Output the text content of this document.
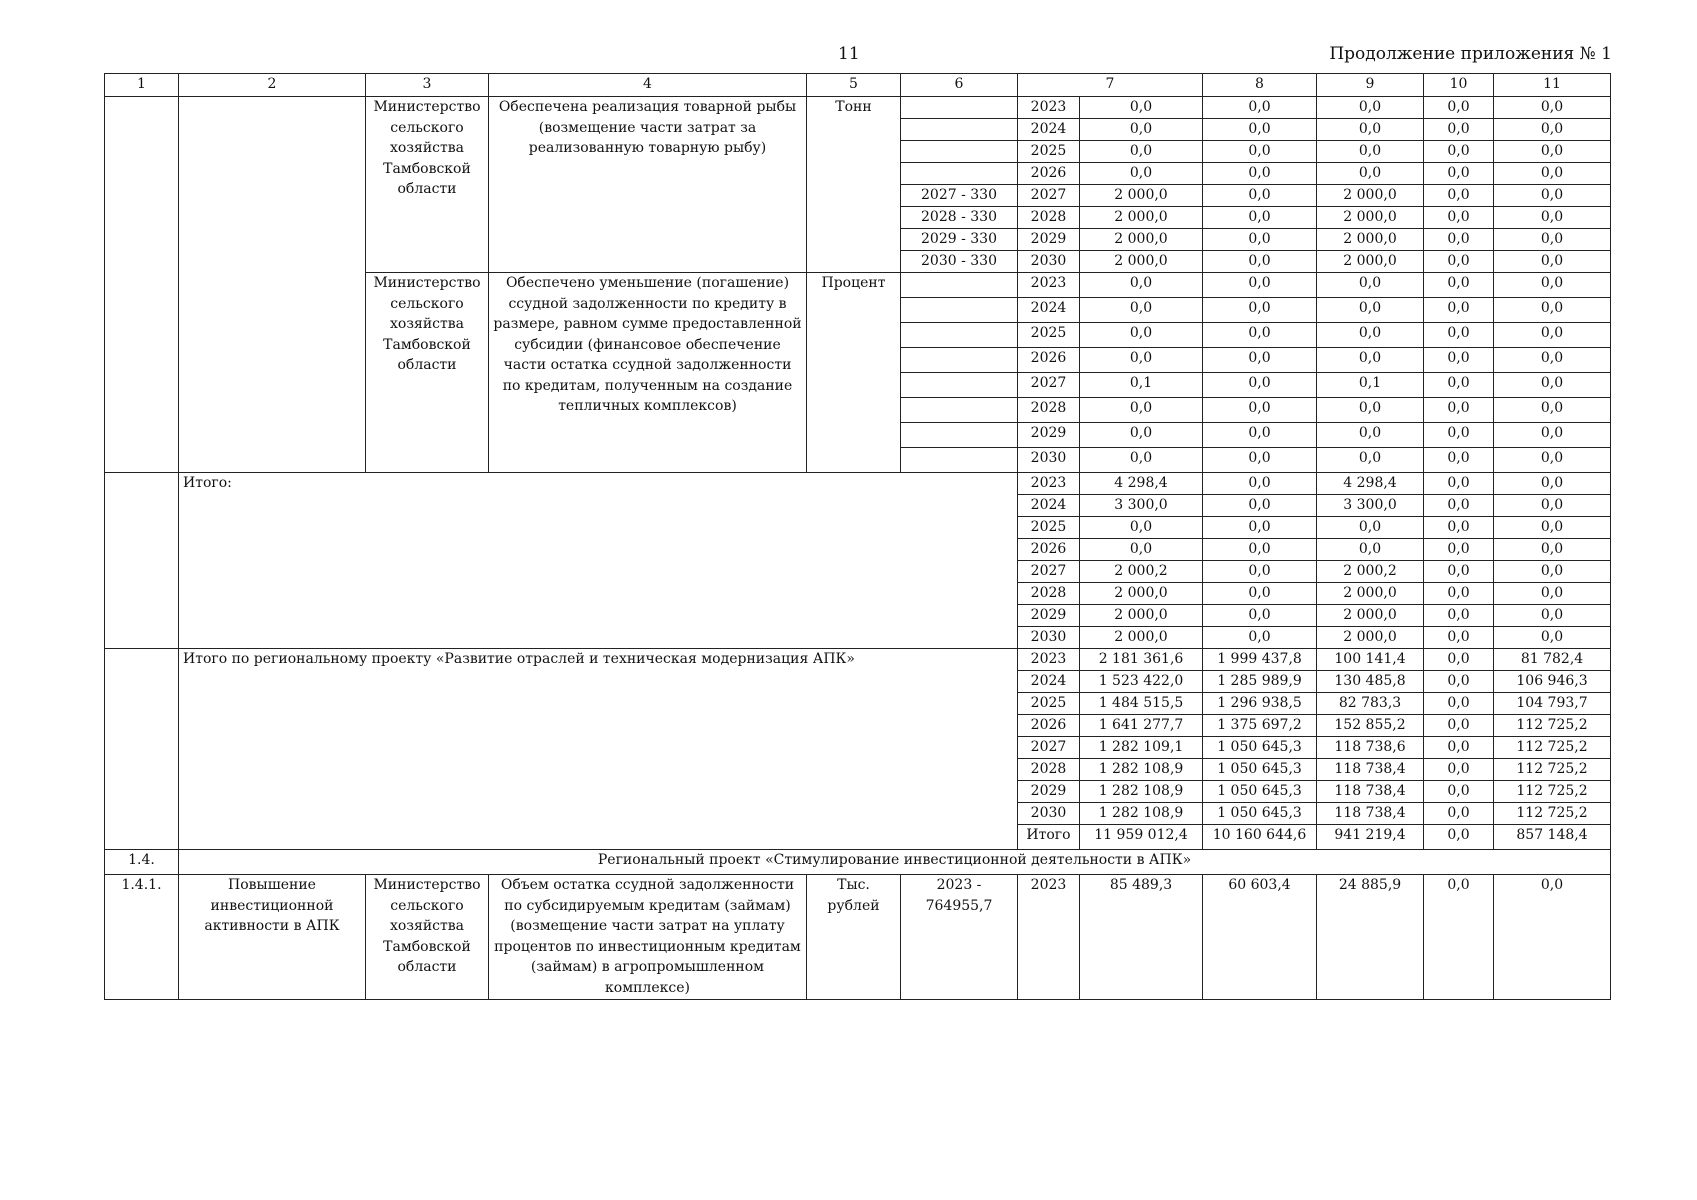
11	Продолжение приложения № 1
1	2	3	4	5	6	7		8	9	10	11
		Министерство сельского хозяйства Тамбовской области	Обеспечена реализация товарной рыбы (возмещение части затрат за реализованную товарную рыбу)	Тонн		2023	0,0	0,0	0,0	0,0	0,0
						2024	0,0	0,0	0,0	0,0	0,0
						2025	0,0	0,0	0,0	0,0	0,0
						2026	0,0	0,0	0,0	0,0	0,0
					2027 - 330	2027	2 000,0	0,0	2 000,0	0,0	0,0
					2028 - 330	2028	2 000,0	0,0	2 000,0	0,0	0,0
					2029 - 330	2029	2 000,0	0,0	2 000,0	0,0	0,0
					2030 - 330	2030	2 000,0	0,0	2 000,0	0,0	0,0
		Министерство сельского хозяйства Тамбовской области	Обеспечено уменьшение (погашение) ссудной задолженности по кредиту в размере, равном сумме предоставленной субсидии (финансовое обеспечение части остатка ссудной задолженности по кредитам, полученным на создание тепличных комплексов)	Процент		2023	0,0	0,0	0,0	0,0	0,0
						2024	0,0	0,0	0,0	0,0	0,0
						2025	0,0	0,0	0,0	0,0	0,0
						2026	0,0	0,0	0,0	0,0	0,0
						2027	0,1	0,0	0,1	0,0	0,0
						2028	0,0	0,0	0,0	0,0	0,0
						2029	0,0	0,0	0,0	0,0	0,0
						2030	0,0	0,0	0,0	0,0	0,0
	Итого:					2023	4 298,4	0,0	4 298,4	0,0	0,0
						2024	3 300,0	0,0	3 300,0	0,0	0,0
						2025	0,0	0,0	0,0	0,0	0,0
						2026	0,0	0,0	0,0	0,0	0,0
						2027	2 000,2	0,0	2 000,2	0,0	0,0
						2028	2 000,0	0,0	2 000,0	0,0	0,0
						2029	2 000,0	0,0	2 000,0	0,0	0,0
						2030	2 000,0	0,0	2 000,0	0,0	0,0
	Итого по региональному проекту «Развитие отраслей и техническая модернизация АПК»					2023	2 181 361,6	1 999 437,8	100 141,4	0,0	81 782,4
						2024	1 523 422,0	1 285 989,9	130 485,8	0,0	106 946,3
						2025	1 484 515,5	1 296 938,5	82 783,3	0,0	104 793,7
						2026	1 641 277,7	1 375 697,2	152 855,2	0,0	112 725,2
						2027	1 282 109,1	1 050 645,3	118 738,6	0,0	112 725,2
						2028	1 282 108,9	1 050 645,3	118 738,4	0,0	112 725,2
						2029	1 282 108,9	1 050 645,3	118 738,4	0,0	112 725,2
						2030	1 282 108,9	1 050 645,3	118 738,4	0,0	112 725,2
						Итого	11 959 012,4	10 160 644,6	941 219,4	0,0	857 148,4
1.4.	Региональный проект «Стимулирование инвестиционной деятельности в АПК»										
1.4.1.	Повышение инвестиционной активности в АПК	Министерство сельского хозяйства Тамбовской области	Объем остатка ссудной задолженности по субсидируемым кредитам (займам) (возмещение части затрат на уплату процентов по инвестиционным кредитам (займам) в агропромышленном комплексе)	Тыс. рублей	2023 - 764955,7	2023	85 489,3	60 603,4	24 885,9	0,0	0,0
